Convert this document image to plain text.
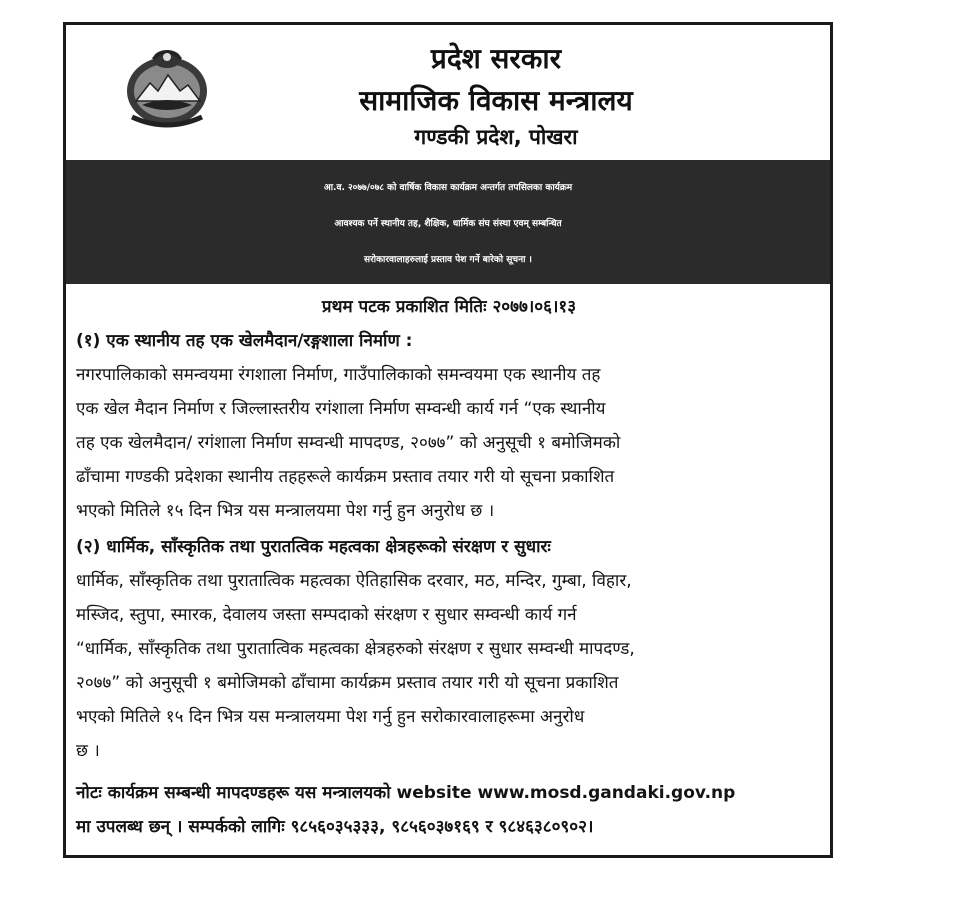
प्रदेश सरकार
सामाजिक विकास मन्त्रालय
गण्डकी प्रदेश, पोखरा
आ.व. २०७७/०७८ को वार्षिक विकास कार्यक्रम अन्तर्गत तपसिलका कार्यक्रम
आवश्यक पर्ने स्थानीय तह, शैक्षिक, धार्मिक संघ संस्था एवम् सम्बन्धित
सरोकारवालाहरुलाई प्रस्ताव पेश गर्ने बारेको सूचना ।
प्रथम पटक प्रकाशित मितिः २०७७।०६।१३
(१) एक स्थानीय तह एक खेलमैदान/रङ्गशाला निर्माण :
नगरपालिकाको समन्वयमा रंगशाला निर्माण, गाउँपालिकाको समन्वयमा एक स्थानीय तह
एक खेल मैदान निर्माण र जिल्लास्तरीय रगंशाला निर्माण सम्वन्धी कार्य गर्न “एक स्थानीय
तह एक खेलमैदान/ रगंशाला निर्माण सम्वन्धी मापदण्ड, २०७७” को अनुसूची १ बमोजिमको
ढाँचामा गण्डकी प्रदेशका स्थानीय तहहरूले कार्यक्रम प्रस्ताव तयार गरी यो सूचना प्रकाशित
भएको मितिले १५ दिन भित्र यस मन्त्रालयमा पेश गर्नु हुन अनुरोध छ ।
(२) धार्मिक, साँस्कृतिक तथा पुरातत्विक महत्वका क्षेत्रहरूको संरक्षण र सुधारः
धार्मिक, साँस्कृतिक तथा पुरातात्विक महत्वका ऐतिहासिक दरवार, मठ, मन्दिर, गुम्बा, विहार,
मस्जिद, स्तुपा, स्मारक, देवालय जस्ता सम्पदाको संरक्षण र सुधार सम्वन्धी कार्य गर्न
“धार्मिक, साँस्कृतिक तथा पुरातात्विक महत्वका क्षेत्रहरुको संरक्षण र सुधार सम्वन्धी मापदण्ड,
२०७७” को अनुसूची १ बमोजिमको ढाँचामा कार्यक्रम प्रस्ताव तयार गरी यो सूचना प्रकाशित
भएको मितिले १५ दिन भित्र यस मन्त्रालयमा पेश गर्नु हुन सरोकारवालाहरूमा अनुरोध
छ ।
नोटः कार्यक्रम सम्बन्धी मापदण्डहरू यस मन्त्रालयको website www.mosd.gandaki.gov.np
मा उपलब्ध छन् । सम्पर्कको लागिः ९८५६०३५३३३, ९८५६०३७१६९ र ९८४६३८०९०२।
